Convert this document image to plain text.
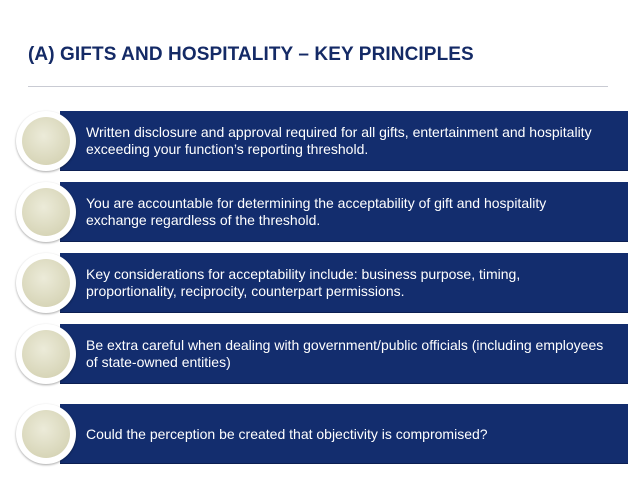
(A) GIFTS AND HOSPITALITY – KEY PRINCIPLES
Written disclosure and approval required for all gifts, entertainment and hospitality exceeding your function’s reporting threshold.
You are accountable for determining the acceptability of gift and hospitality exchange regardless of the threshold.
Key considerations for acceptability include: business purpose, timing, proportionality, reciprocity, counterpart permissions.
Be extra careful when dealing with government/public officials (including employees of state-owned entities)
Could the perception be created that objectivity is compromised?
